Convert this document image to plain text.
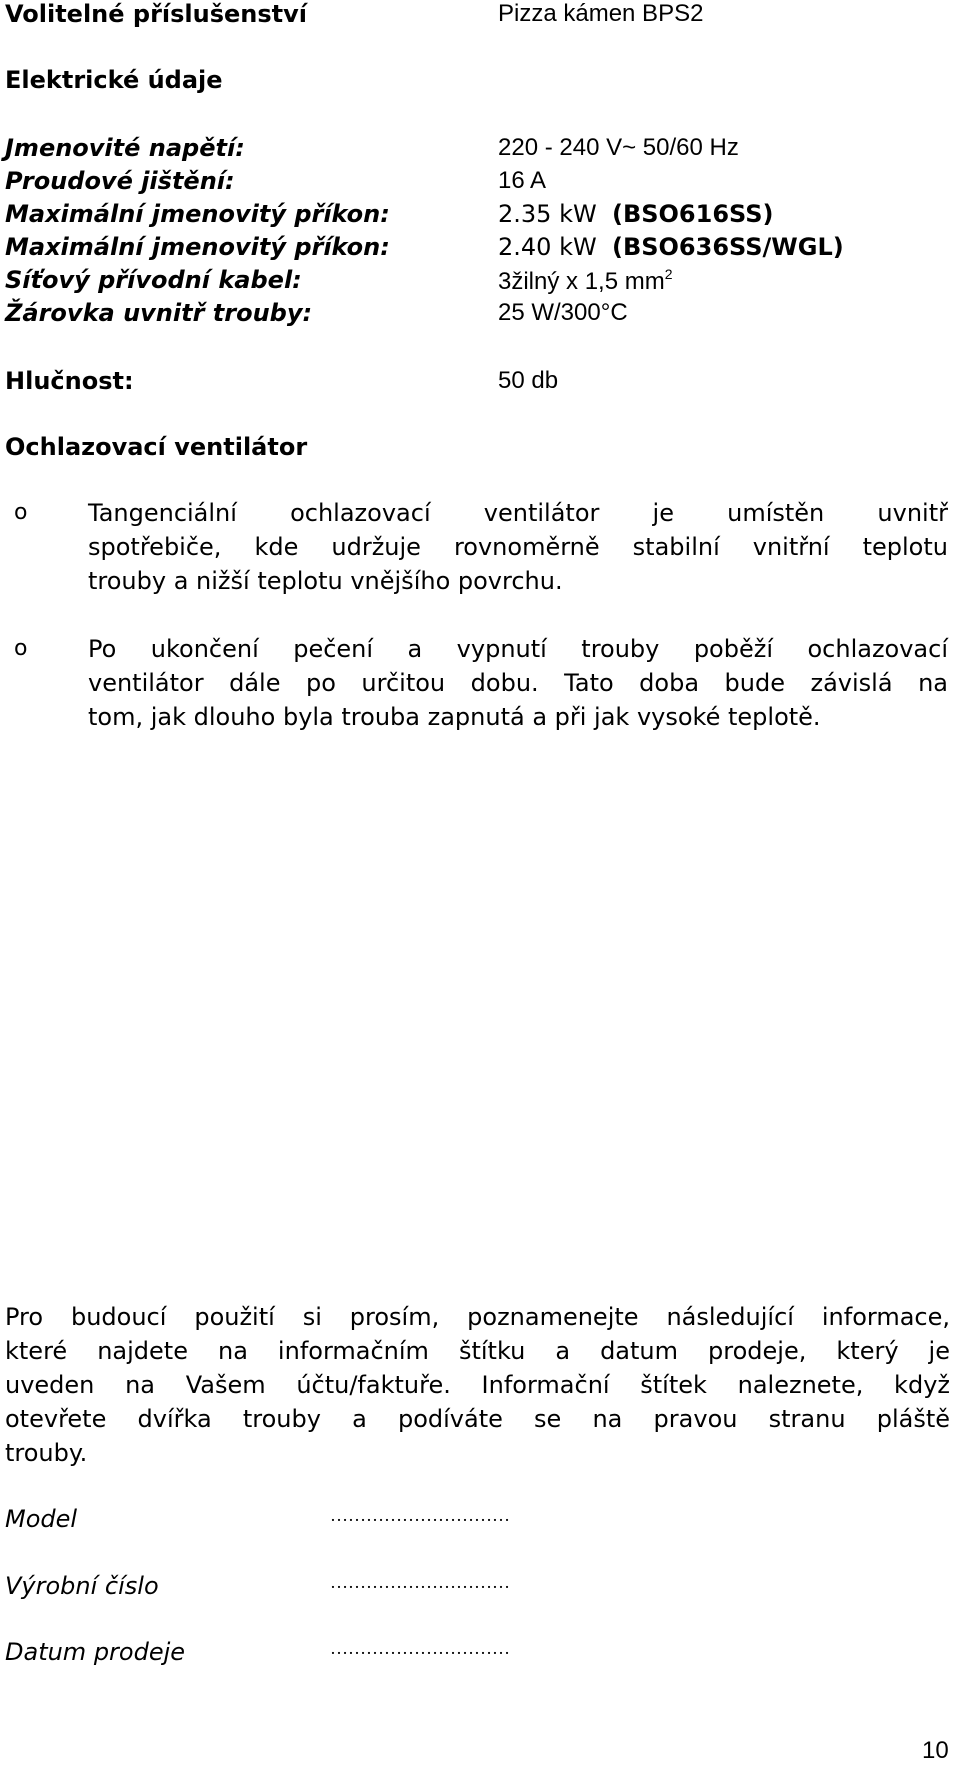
Volitelné příslušenství	Pizza kámen BPS2
Elektrické údaje
Jmenovité napětí:	220 - 240 V~ 50/60 Hz
Proudové jištění:	16 A
Maximální jmenovitý příkon:	2.35 kW (BSO616SS)
Maximální jmenovitý příkon:	2.40 kW (BSO636SS/WGL)
Síťový přívodní kabel:	3žilný x 1,5 $mm^2$
Žárovka uvnitř trouby:	25 W/300°C
Hlučnost:	50 db
Ochlazovací ventilátor
o	Tangenciální ochlazovací ventilátor je umístěn uvnitř
spotřebiče, kde udržuje rovnoměrně stabilní vnitřní teplotu
trouby a nižší teplotu vnějšího povrchu.
o	Po ukončení pečení a vypnutí trouby poběží ochlazovací
ventilátor dále po určitou dobu. Tato doba bude závislá na
tom, jak dlouho byla trouba zapnutá a při jak vysoké teplotě.
Pro budoucí použití si prosím, poznamenejte následující informace,
které najdete na informačním štítku a datum prodeje, který je
uveden na Vašem účtu/faktuře. Informační štítek naleznete, když
otevřete dvířka trouby a podíváte se na pravou stranu pláště
trouby.
Model	…………………………
Výrobní číslo	…………………………
Datum prodeje	…………………………
10
